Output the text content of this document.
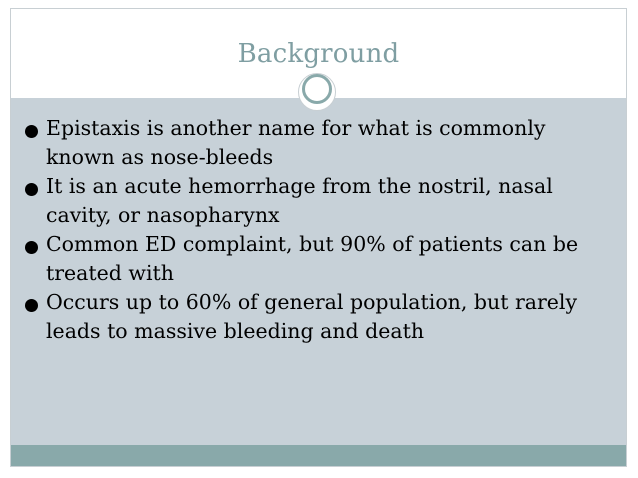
Background
Epistaxis is another name for what is commonly known as nose-bleeds
It is an acute hemorrhage from the nostril, nasal cavity, or nasopharynx
Common ED complaint, but 90% of patients can be treated with
Occurs up to 60% of general population, but rarely leads to massive bleeding and death
